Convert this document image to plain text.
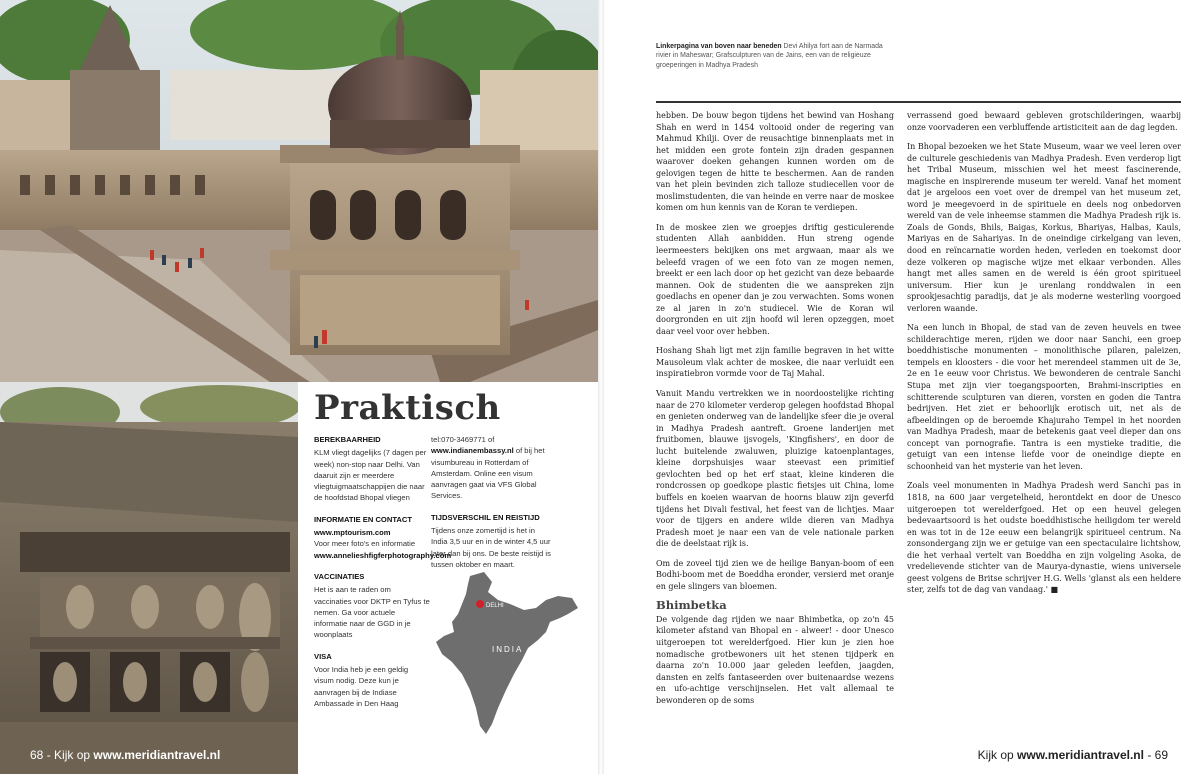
Praktisch
BEREKBAARHEID

KLM vliegt dagelijks (7 dagen per week) non-stop naar Delhi. Van daaruit zijn er meerdere vliegtuigmaatschappijen die naar de hoofdstad Bhopal vliegen

INFORMATIE EN CONTACT

www.mptourism.com
Voor meer foto's en informatie
www.annelieshfigferphotography.com

VACCINATIES

Het is aan te raden om vaccinaties voor DKTP en Tyfus te nemen. Ga voor actuele informatie naar de GGD in je woonplaats

VISA

Voor India heb je een geldig visum nodig. Deze kun je aanvragen bij de Indiase Ambassade in Den Haag

tel:070-3469771 of
www.indianembassy.nl of bij het visumbureau in Rotterdam of Amsterdam. Online een visum aanvragen gaat via VFS Global Services.

TIJDSVERSCHIL EN REISTIJD

Tijdens onze zomertijd is het in India 3,5 uur en in de winter 4,5 uur later dan bij ons. De beste reistijd is tussen oktober en maart.

DELHI
INDIA
68 - Kijk op www.meridiantravel.nl
Linkerpagina van boven naar beneden Devi Ahilya fort aan de Narmada rivier in Maheswar; Grafsculpturen van de Jains, een van de religieuze groeperingen in Madhya Pradesh

hebben. De bouw begon tijdens het bewind van Hoshang Shah en werd in 1454 voltooid onder de regering van Mahmud Khilji. Over de reusachtige binnenplaats met in het midden een grote fontein zijn draden gespannen waarover doeken gehangen kunnen worden om de gelovigen tegen de hitte te beschermen. Aan de randen van het plein bevinden zich talloze studiecellen voor de moslimstudenten, die van heinde en verre naar de moskee komen om hun kennis van de Koran te verdiepen.

In de moskee zien we groepjes driftig gesticulerende studenten Allah aanbidden. Hun streng ogende leermeesters bekijken ons met argwaan, maar als we beleefd vragen of we een foto van ze mogen nemen, breekt er een lach door op het gezicht van deze bebaarde mannen. Ook de studenten die we aanspreken zijn goedlachs en opener dan je zou verwachten. Soms wonen ze al jaren in zo'n studiecel. Wie de Koran wil doorgronden en uit zijn hoofd wil leren opzeggen, moet daar veel voor over hebben.

Hoshang Shah ligt met zijn familie begraven in het witte Mausoleum vlak achter de moskee, die naar verluidt een inspiratiebron vormde voor de Taj Mahal.

Vanuit Mandu vertrekken we in noordoostelijke richting naar de 270 kilometer verderop gelegen hoofdstad Bhopal en genieten onderweg van de landelijke sfeer die je overal in Madhya Pradesh aantreft. Groene landerijen met fruitbomen, blauwe ijsvogels, 'Kingfishers', en door de lucht buitelende zwaluwen, pluizige katoenplantages, kleine dorpshuisjes waar steevast een primitief gevlochten bed op het erf staat, kleine kinderen die rondcrossen op goedkope plastic fietsjes uit China, lome buffels en koeien waarvan de hoorns blauw zijn geverfd tijdens het Divali festival, het feest van de lichtjes. Maar voor de tijgers en andere wilde dieren van Madhya Pradesh moet je naar een van de vele nationale parken die de deelstaat rijk is.

Om de zoveel tijd zien we de heilige Banyan-boom of een Bodhi-boom met de Boeddha eronder, versierd met oranje en gele slingers van bloemen.

Bhimbetka

De volgende dag rijden we naar Bhimbetka, op zo'n 45 kilometer afstand van Bhopal en - alweer! - door Unesco uitgeroepen tot werelderfgoed. Hier kun je zien hoe nomadische grotbewoners uit het stenen tijdperk en daarna zo'n 10.000 jaar geleden leefden, jaagden, dansten en zelfs fantaseerden over buitenaardse wezens en ufo-achtige verschijnselen. Het valt allemaal te bewonderen op de soms

verrassend goed bewaard gebleven grotschilderingen, waarbij onze voorvaderen een verbluffende artisticiteit aan de dag legden.

In Bhopal bezoeken we het State Museum, waar we veel leren over de culturele geschiedenis van Madhya Pradesh. Even verderop ligt het Tribal Museum, misschien wel het meest fascinerende, magische en inspirerende museum ter wereld. Vanaf het moment dat je argeloos een voet over de drempel van het museum zet, word je meegevoerd in de spirituele en deels nog onbedorven wereld van de vele inheemse stammen die Madhya Pradesh rijk is. Zoals de Gonds, Bhils, Baigas, Korkus, Bhariyas, Halbas, Kauls, Mariyas en de Sahariyas. In de oneindige cirkelgang van leven, dood en reïncarnatie worden heden, verleden en toekomst door deze volkeren op magische wijze met elkaar verbonden. Alles hangt met alles samen en de wereld is één groot spiritueel universum. Hier kun je urenlang ronddwalen in een sprookjesachtig paradijs, dat je als moderne westerling voorgoed verloren waande.

Na een lunch in Bhopal, de stad van de zeven heuvels en twee schilderachtige meren, rijden we door naar Sanchi, een groep boeddhistische monumenten – monolithische pilaren, paleizen, tempels en kloosters - die voor het merendeel stammen uit de 3e, 2e en 1e eeuw voor Christus. We bewonderen de centrale Sanchi Stupa met zijn vier toegangspoorten, Brahmi-inscripties en schitterende sculpturen van dieren, vorsten en goden die Tantra bedrijven. Het ziet er behoorlijk erotisch uit, net als de afbeeldingen op de beroemde Khajuraho Tempel in het noorden van Madhya Pradesh, maar de betekenis gaat veel dieper dan ons concept van pornografie. Tantra is een mystieke traditie, die getuigt van een intense liefde voor de oneindige diepte en schoonheid van het mysterie van het leven.

Zoals veel monumenten in Madhya Pradesh werd Sanchi pas in 1818, na 600 jaar vergetelheid, herontdekt en door de Unesco uitgeroepen tot werelderfgoed. Het op een heuvel gelegen bedevaartsoord is het oudste boeddhistische heiligdom ter wereld en was tot in de 12e eeuw een belangrijk spiritueel centrum. Na zonsondergang zijn we er getuige van een spectaculaire lichtshow, die het verhaal vertelt van Boeddha en zijn volgeling Asoka, de vredelievende stichter van de Maurya-dynastie, wiens universele geest volgens de Britse schrijver H.G. Wells 'glanst als een heldere ster, zelfs tot de dag van vandaag.' ■

Kijk op www.meridiantravel.nl - 69
